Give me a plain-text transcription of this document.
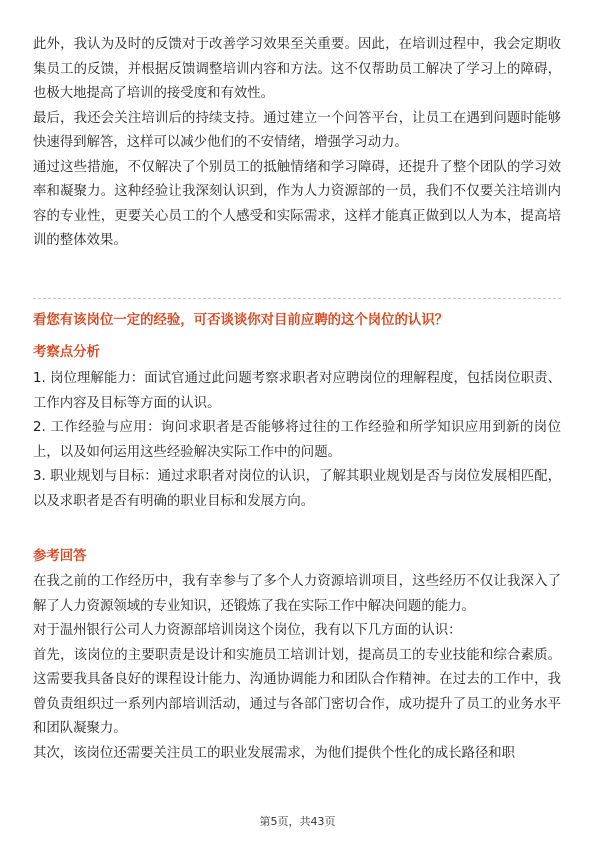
此外，我认为及时的反馈对于改善学习效果至关重要。因此，在培训过程中，我会定期收集员工的反馈，并根据反馈调整培训内容和方法。这不仅帮助员工解决了学习上的障碍，也极大地提高了培训的接受度和有效性。

最后，我还会关注培训后的持续支持。通过建立一个问答平台，让员工在遇到问题时能够快速得到解答，这样可以减少他们的不安情绪，增强学习动力。

通过这些措施，不仅解决了个别员工的抵触情绪和学习障碍，还提升了整个团队的学习效率和凝聚力。这种经验让我深刻认识到，作为人力资源部的一员，我们不仅要关注培训内容的专业性，更要关心员工的个人感受和实际需求，这样才能真正做到以人为本，提高培训的整体效果。

看您有该岗位一定的经验，可否谈谈你对目前应聘的这个岗位的认识？

考察点分析

1. 岗位理解能力：面试官通过此问题考察求职者对应聘岗位的理解程度，包括岗位职责、工作内容及目标等方面的认识。

2. 工作经验与应用：询问求职者是否能够将过往的工作经验和所学知识应用到新的岗位上，以及如何运用这些经验解决实际工作中的问题。

3. 职业规划与目标：通过求职者对岗位的认识，了解其职业规划是否与岗位发展相匹配，以及求职者是否有明确的职业目标和发展方向。

参考回答

在我之前的工作经历中，我有幸参与了多个人力资源培训项目，这些经历不仅让我深入了解了人力资源领域的专业知识，还锻炼了我在实际工作中解决问题的能力。

对于温州银行公司人力资源部培训岗这个岗位，我有以下几方面的认识：

首先，该岗位的主要职责是设计和实施员工培训计划，提高员工的专业技能和综合素质。这需要我具备良好的课程设计能力、沟通协调能力和团队合作精神。在过去的工作中，我曾负责组织过一系列内部培训活动，通过与各部门密切合作，成功提升了员工的业务水平和团队凝聚力。

其次，该岗位还需要关注员工的职业发展需求，为他们提供个性化的成长路径和职

第5页，共43页
